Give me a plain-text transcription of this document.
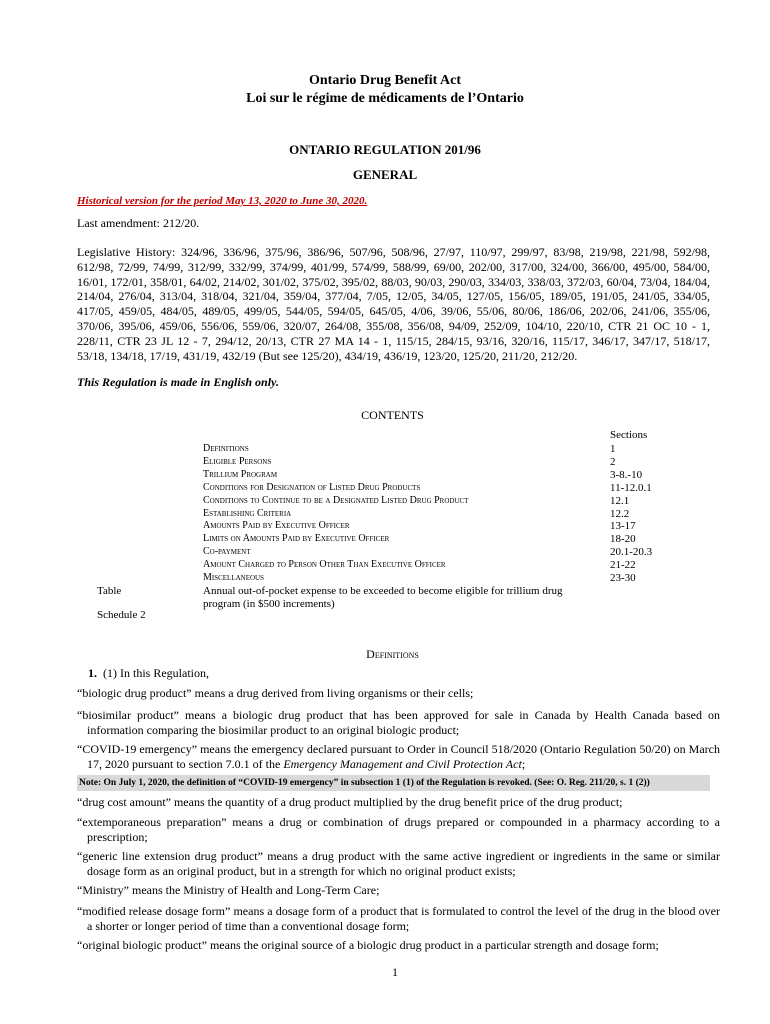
Ontario Drug Benefit Act
Loi sur le régime de médicaments de l’Ontario
ONTARIO REGULATION 201/96
GENERAL
Historical version for the period May 13, 2020 to June 30, 2020.
Last amendment: 212/20.
Legislative History: 324/96, 336/96, 375/96, 386/96, 507/96, 508/96, 27/97, 110/97, 299/97, 83/98, 219/98, 221/98, 592/98, 612/98, 72/99, 74/99, 312/99, 332/99, 374/99, 401/99, 574/99, 588/99, 69/00, 202/00, 317/00, 324/00, 366/00, 495/00, 584/00, 16/01, 172/01, 358/01, 64/02, 214/02, 301/02, 375/02, 395/02, 88/03, 90/03, 290/03, 334/03, 338/03, 372/03, 60/04, 73/04, 184/04, 214/04, 276/04, 313/04, 318/04, 321/04, 359/04, 377/04, 7/05, 12/05, 34/05, 127/05, 156/05, 189/05, 191/05, 241/05, 334/05, 417/05, 459/05, 484/05, 489/05, 499/05, 544/05, 594/05, 645/05, 4/06, 39/06, 55/06, 80/06, 186/06, 202/06, 241/06, 355/06, 370/06, 395/06, 459/06, 556/06, 559/06, 320/07, 264/08, 355/08, 356/08, 94/09, 252/09, 104/10, 220/10, CTR 21 OC 10 - 1, 228/11, CTR 23 JL 12 - 7, 294/12, 20/13, CTR 27 MA 14 - 1, 115/15, 284/15, 93/16, 320/16, 115/17, 346/17, 347/17, 518/17, 53/18, 134/18, 17/19, 431/19, 432/19 (But see 125/20), 434/19, 436/19, 123/20, 125/20, 211/20, 212/20.
This Regulation is made in English only.
CONTENTS
Sections
Definitions
Eligible Persons
Trillium Program
Conditions for Designation of Listed Drug Products
Conditions to Continue to be a Designated Listed Drug Product
Establishing Criteria
Amounts Paid by Executive Officer
Limits on Amounts Paid by Executive Officer
Co-payment
Amount Charged to Person Other Than Executive Officer
Miscellaneous
1
2
3-8.-10
11-12.0.1
12.1
12.2
13-17
18-20
20.1-20.3
21-22
23-30
Table	Annual out-of-pocket expense to be exceeded to become eligible for trillium drug program (in $500 increments)
Schedule 2
Definitions
1. (1) In this Regulation,
“biologic drug product” means a drug derived from living organisms or their cells;
“biosimilar product” means a biologic drug product that has been approved for sale in Canada by Health Canada based on information comparing the biosimilar product to an original biologic product;
“COVID-19 emergency” means the emergency declared pursuant to Order in Council 518/2020 (Ontario Regulation 50/20) on March 17, 2020 pursuant to section 7.0.1 of the Emergency Management and Civil Protection Act;
Note: On July 1, 2020, the definition of “COVID-19 emergency” in subsection 1 (1) of the Regulation is revoked. (See: O. Reg. 211/20, s. 1 (2))
“drug cost amount” means the quantity of a drug product multiplied by the drug benefit price of the drug product;
“extemporaneous preparation” means a drug or combination of drugs prepared or compounded in a pharmacy according to a prescription;
“generic line extension drug product” means a drug product with the same active ingredient or ingredients in the same or similar dosage form as an original product, but in a strength for which no original product exists;
“Ministry” means the Ministry of Health and Long-Term Care;
“modified release dosage form” means a dosage form of a product that is formulated to control the level of the drug in the blood over a shorter or longer period of time than a conventional dosage form;
“original biologic product” means the original source of a biologic drug product in a particular strength and dosage form;
1
